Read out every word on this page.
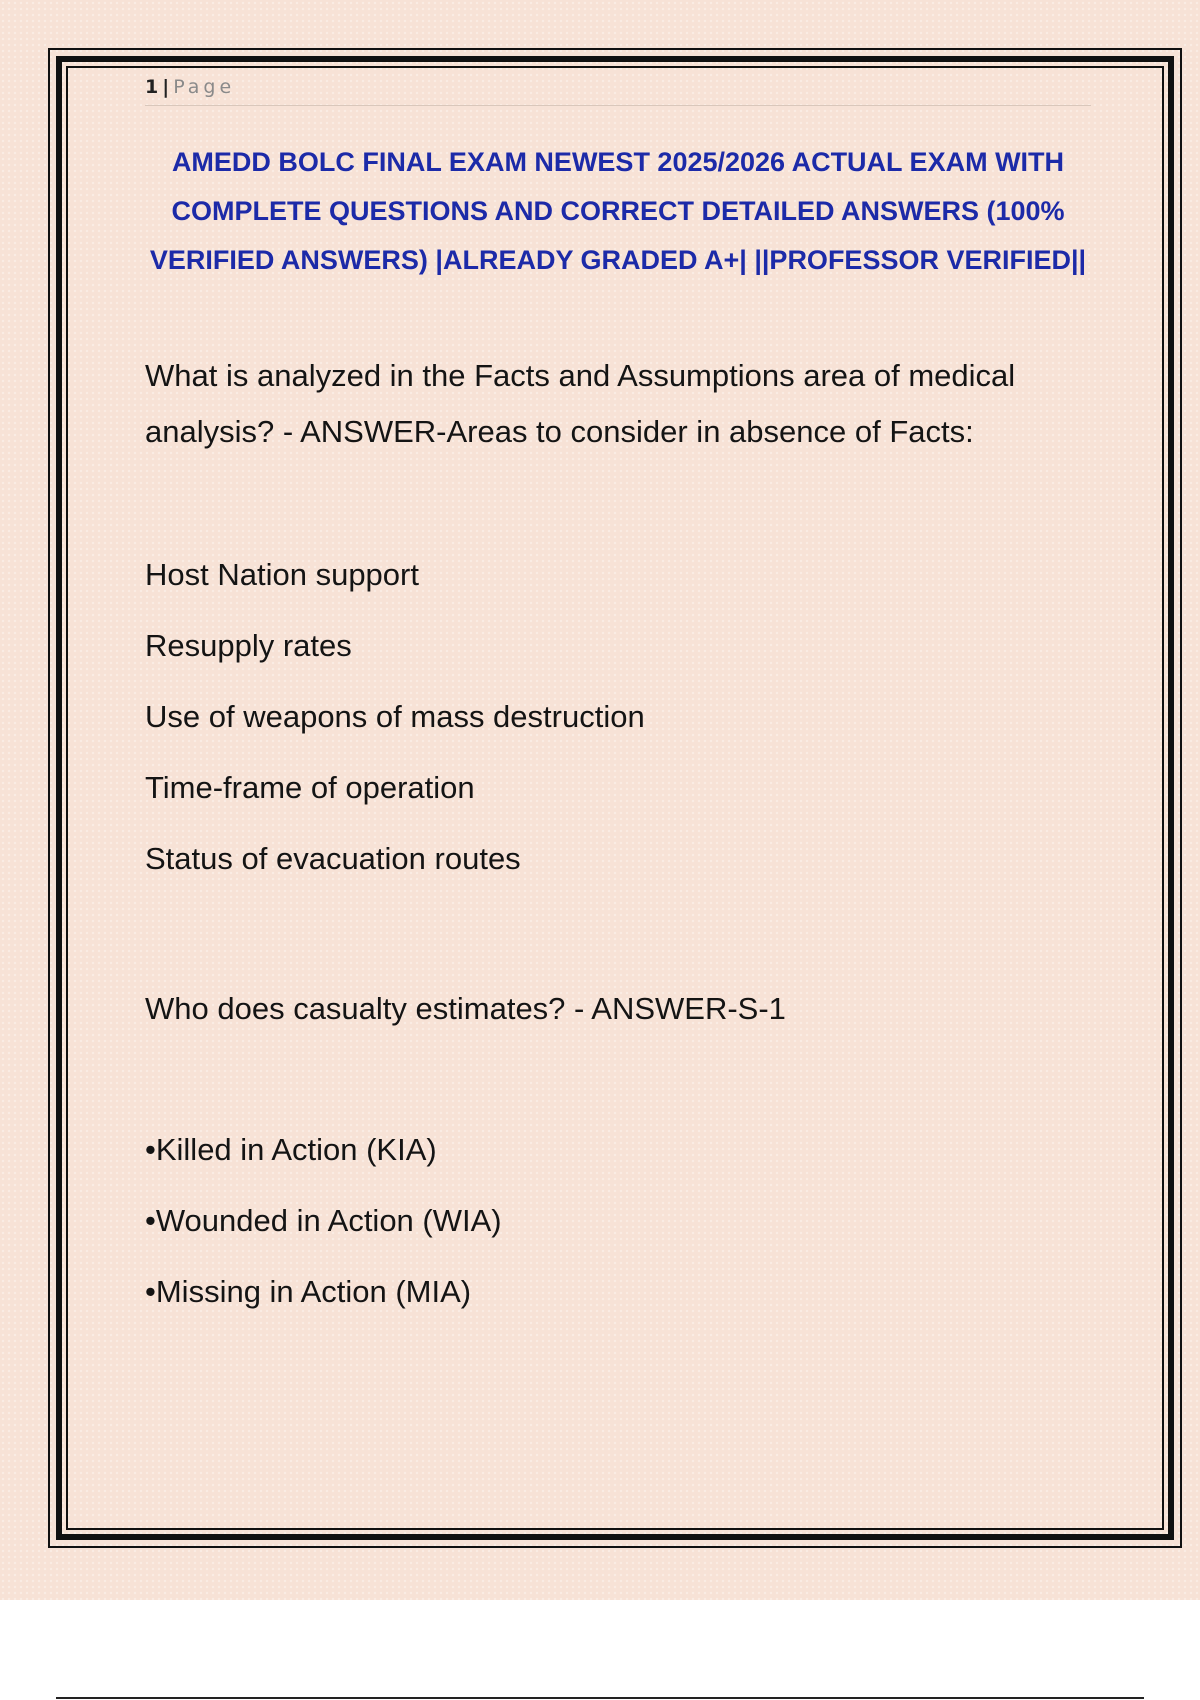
1 | Page
AMEDD BOLC FINAL EXAM NEWEST 2025/2026 ACTUAL EXAM WITH COMPLETE QUESTIONS AND CORRECT DETAILED ANSWERS (100% VERIFIED ANSWERS) |ALREADY GRADED A+| ||PROFESSOR VERIFIED||

What is analyzed in the Facts and Assumptions area of medical analysis? - ANSWER-Areas to consider in absence of Facts:

Host Nation support
Resupply rates
Use of weapons of mass destruction
Time-frame of operation
Status of evacuation routes

Who does casualty estimates? - ANSWER-S-1

•Killed in Action (KIA)
•Wounded in Action (WIA)
•Missing in Action (MIA)
